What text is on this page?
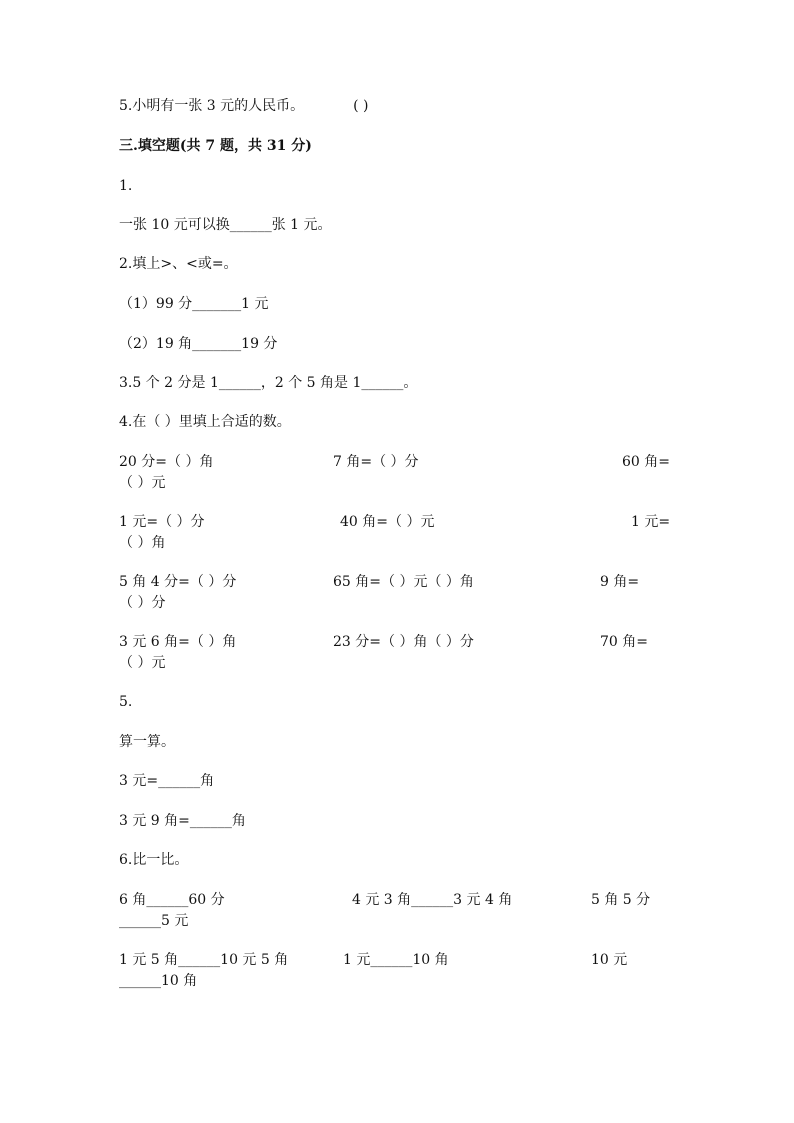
5.小明有一张 3 元的人民币。	( )
三.填空题(共 7 题，共 31 分)
1.
一张 10 元可以换______张 1 元。
2.填上>、<或=。
（1）99 分_______1 元
（2）19 角_______19 分
3.5 个 2 分是 1______，2 个 5 角是 1______。
4.在（ ）里填上合适的数。
20 分=（ ）角	7 角=（ ）分	60 角=
（ ）元
1 元=（ ）分	40 角=（ ）元	1 元=
（ ）角
5 角 4 分=（ ）分	65 角=（ ）元（ ）角	9 角=
（ ）分
3 元 6 角=（ ）角	23 分=（ ）角（ ）分	70 角=
（ ）元
5.
算一算。
3 元=______角
3 元 9 角=______角
6.比一比。
6 角______60 分	4 元 3 角______3 元 4 角	5 角 5 分
______5 元
1 元 5 角______10 元 5 角	1 元______10 角	10 元
______10 角
